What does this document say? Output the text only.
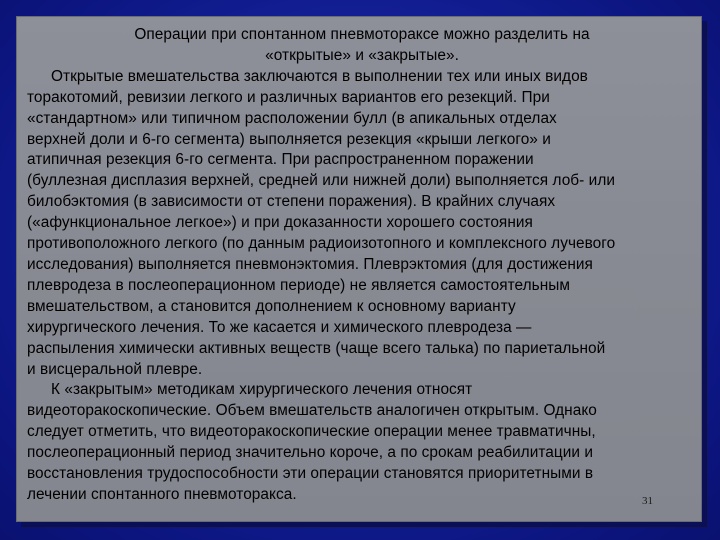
Операции при спонтанном пневмотораксе можно разделить на
«открытые» и «закрытые».
Открытые вмешательства заключаются в выполнении тех или иных видов
торакотомий, ревизии легкого и различных вариантов его резекций. При
«стандартном» или типичном расположении булл (в апикальных отделах
верхней доли и 6-го сегмента) выполняется резекция «крыши легкого» и
атипичная резекция 6-го сегмента. При распространенном поражении
(буллезная дисплазия верхней, средней или нижней доли) выполняется лоб- или
билобэктомия (в зависимости от степени поражения). В крайних случаях
(«афункциональное легкое») и при доказанности хорошего состояния
противоположного легкого (по данным радиоизотопного и комплексного лучевого
исследования) выполняется пневмонэктомия. Плеврэктомия (для достижения
плевродеза в послеоперационном периоде) не является самостоятельным
вмешательством, а становится дополнением к основному варианту
хирургического лечения. То же касается и химического плевродеза —
распыления химически активных веществ (чаще всего талька) по париетальной
и висцеральной плевре.
К «закрытым» методикам хирургического лечения относят
видеоторакоскопические. Объем вмешательств аналогичен открытым. Однако
следует отметить, что видеоторакоскопические операции менее травматичны,
послеоперационный период значительно короче, а по срокам реабилитации и
восстановления трудоспособности эти операции становятся приоритетными в
лечении спонтанного пневмоторакса.	31
